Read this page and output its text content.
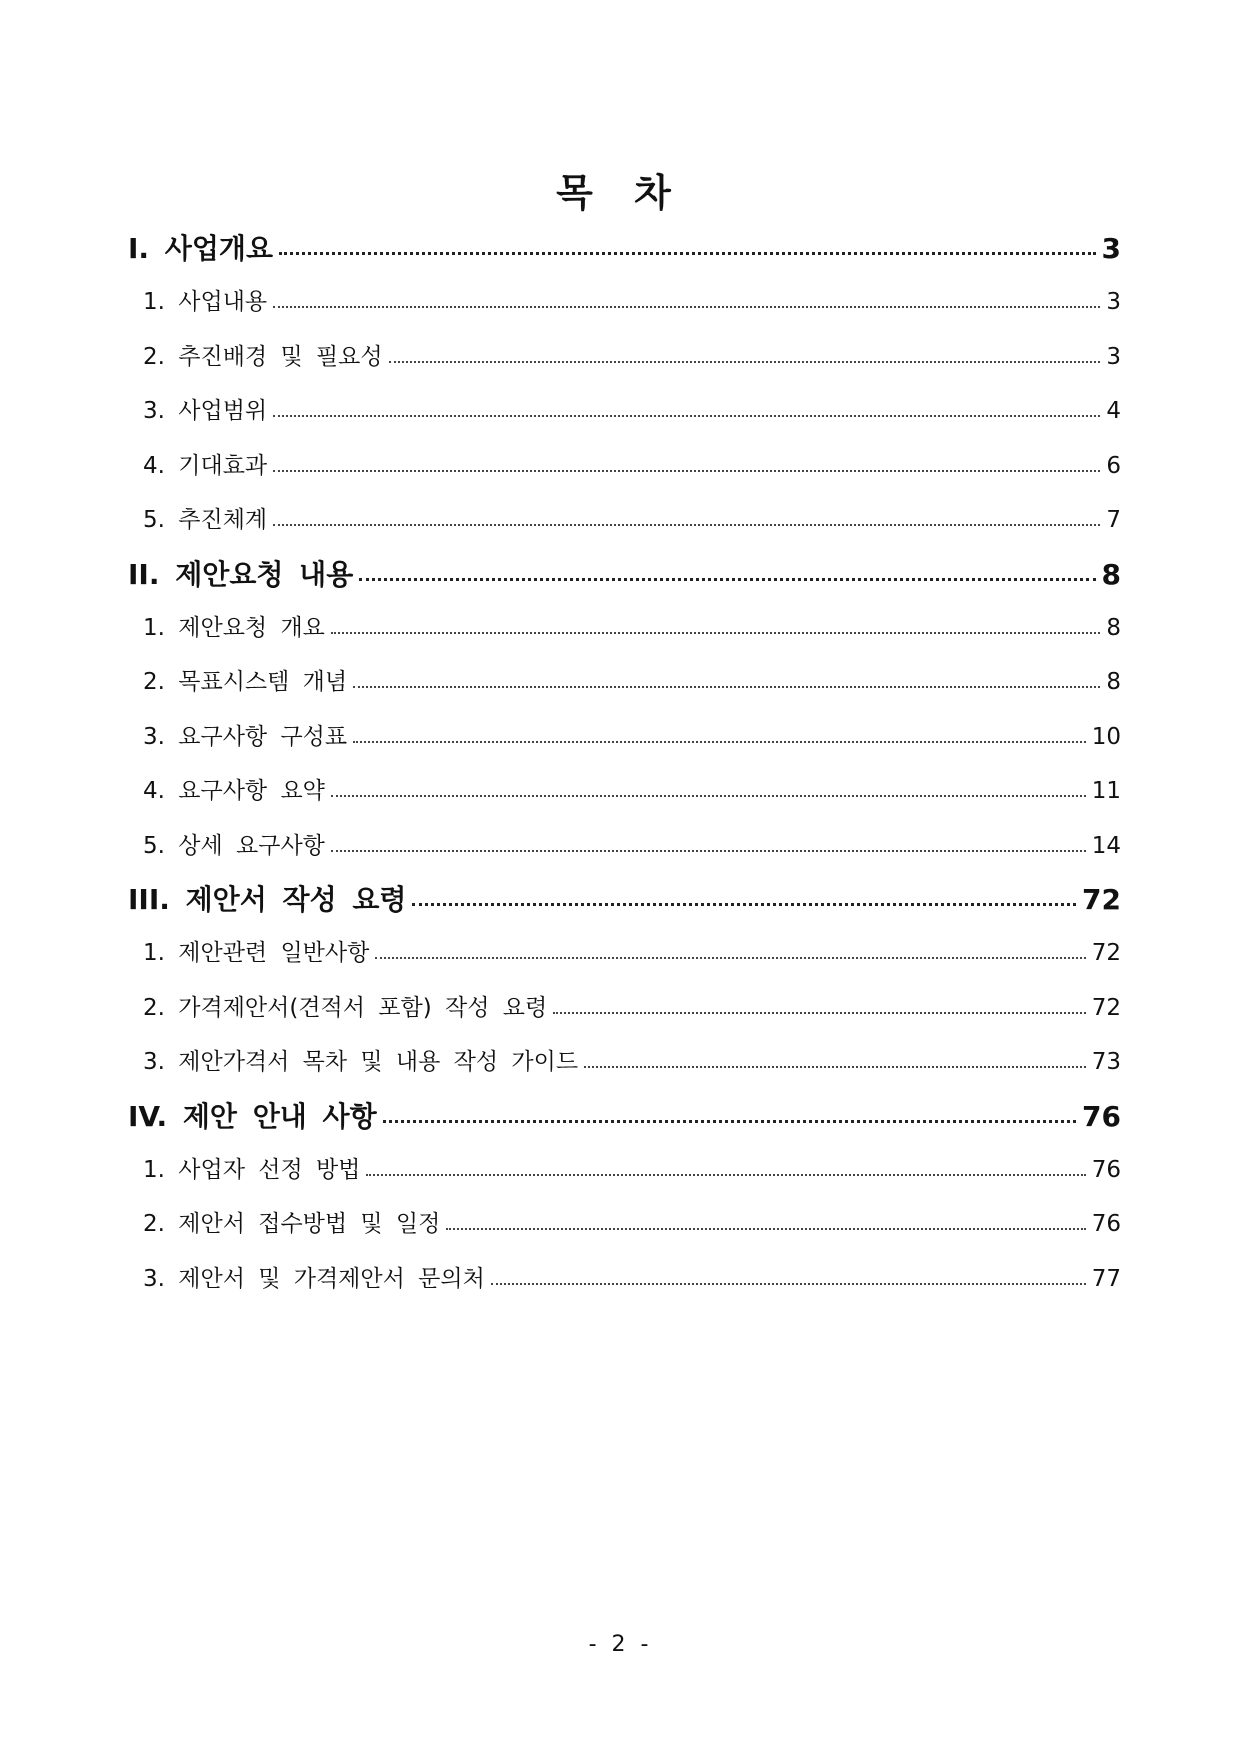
목 차
I. 사업개요	3
1. 사업내용	3
2. 추진배경 및 필요성	3
3. 사업범위	4
4. 기대효과	6
5. 추진체계	7
II. 제안요청 내용	8
1. 제안요청 개요	8
2. 목표시스템 개념	8
3. 요구사항 구성표	10
4. 요구사항 요약	11
5. 상세 요구사항	14
III. 제안서 작성 요령	72
1. 제안관련 일반사항	72
2. 가격제안서(견적서 포함) 작성 요령	72
3. 제안가격서 목차 및 내용 작성 가이드	73
IV. 제안 안내 사항	76
1. 사업자 선정 방법	76
2. 제안서 접수방법 및 일정	76
3. 제안서 및 가격제안서 문의처	77
- 2 -
